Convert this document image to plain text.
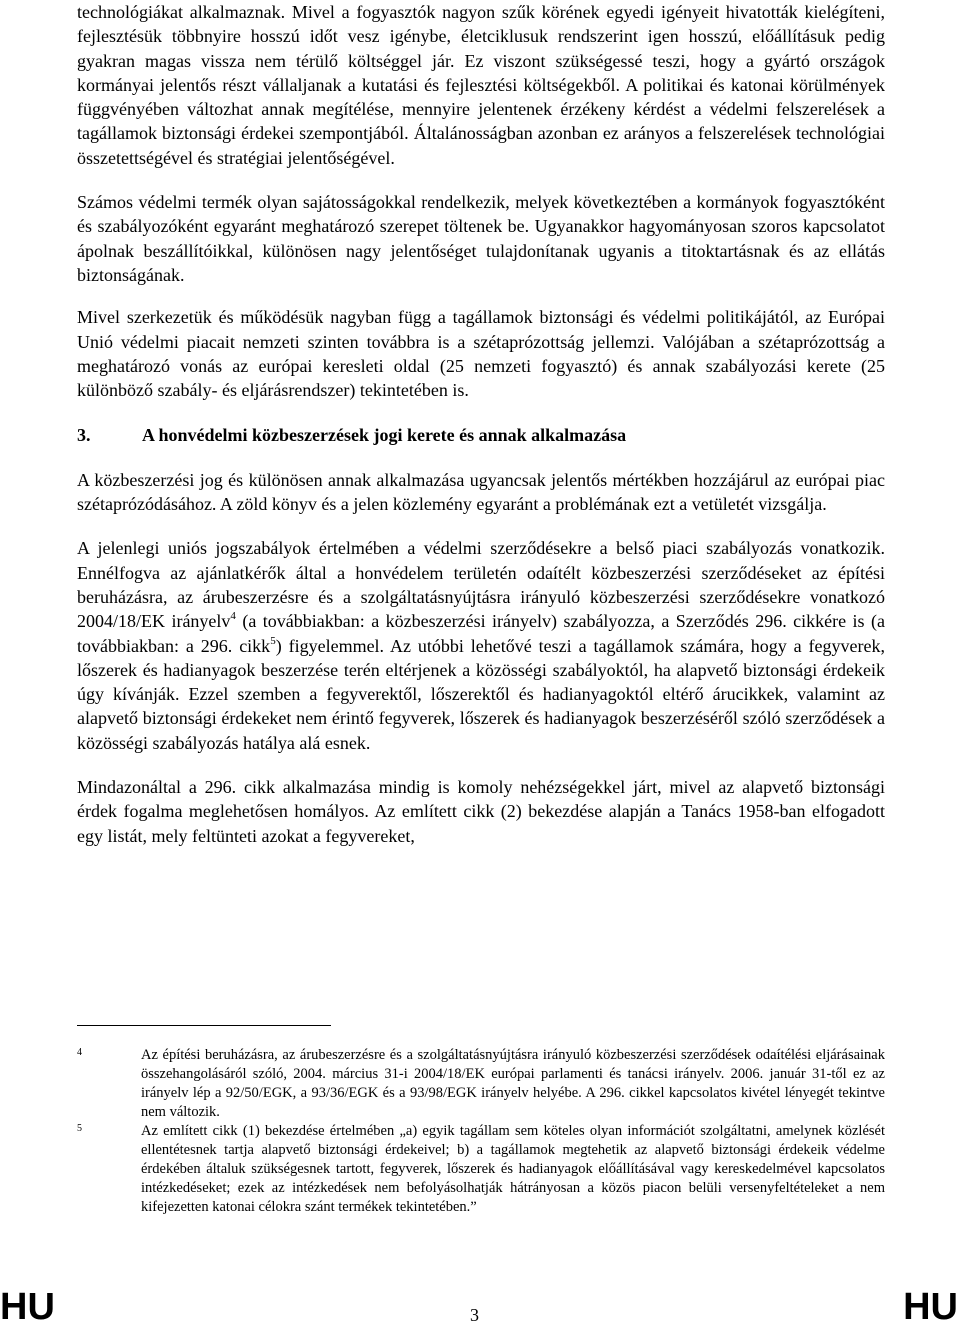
technológiákat alkalmaznak. Mivel a fogyasztók nagyon szűk körének egyedi igényeit hivatották kielégíteni, fejlesztésük többnyire hosszú időt vesz igénybe, életciklusuk rendszerint igen hosszú, előállításuk pedig gyakran magas vissza nem térülő költséggel jár. Ez viszont szükségessé teszi, hogy a gyártó országok kormányai jelentős részt vállaljanak a kutatási és fejlesztési költségekből. A politikai és katonai körülmények függvényében változhat annak megítélése, mennyire jelentenek érzékeny kérdést a védelmi felszerelések a tagállamok biztonsági érdekei szempontjából. Általánosságban azonban ez arányos a felszerelések technológiai összetettségével és stratégiai jelentőségével.

Számos védelmi termék olyan sajátosságokkal rendelkezik, melyek következtében a kormányok fogyasztóként és szabályozóként egyaránt meghatározó szerepet töltenek be. Ugyanakkor hagyományosan szoros kapcsolatot ápolnak beszállítóikkal, különösen nagy jelentőséget tulajdonítanak ugyanis a titoktartásnak és az ellátás biztonságának.

Mivel szerkezetük és működésük nagyban függ a tagállamok biztonsági és védelmi politikájától, az Európai Unió védelmi piacait nemzeti szinten továbbra is a szétaprózottság jellemzi. Valójában a szétaprózottság a meghatározó vonás az európai keresleti oldal (25 nemzeti fogyasztó) és annak szabályozási kerete (25 különböző szabály- és eljárásrendszer) tekintetében is.

3.	A honvédelmi közbeszerzések jogi kerete és annak alkalmazása

A közbeszerzési jog és különösen annak alkalmazása ugyancsak jelentős mértékben hozzájárul az európai piac szétaprózódásához. A zöld könyv és a jelen közlemény egyaránt a problémának ezt a vetületét vizsgálja.

A jelenlegi uniós jogszabályok értelmében a védelmi szerződésekre a belső piaci szabályozás vonatkozik. Ennélfogva az ajánlatkérők által a honvédelem területén odaítélt közbeszerzési szerződéseket az építési beruházásra, az árubeszerzésre és a szolgáltatásnyújtásra irányuló közbeszerzési szerződésekre vonatkozó 2004/18/EK irányelv$^4$ (a továbbiakban: a közbeszerzési irányelv) szabályozza, a Szerződés 296. cikkére is (a továbbiakban: a 296. cikk$^5$) figyelemmel. Az utóbbi lehetővé teszi a tagállamok számára, hogy a fegyverek, lőszerek és hadianyagok beszerzése terén eltérjenek a közösségi szabályoktól, ha alapvető biztonsági érdekeik úgy kívánják. Ezzel szemben a fegyverektől, lőszerektől és hadianyagoktól eltérő árucikkek, valamint az alapvető biztonsági érdekeket nem érintő fegyverek, lőszerek és hadianyagok beszerzéséről szóló szerződések a közösségi szabályozás hatálya alá esnek.

Mindazonáltal a 296. cikk alkalmazása mindig is komoly nehézségekkel járt, mivel az alapvető biztonsági érdek fogalma meglehetősen homályos. Az említett cikk (2) bekezdése alapján a Tanács 1958-ban elfogadott egy listát, mely feltünteti azokat a fegyvereket,

4	Az építési beruházásra, az árubeszerzésre és a szolgáltatásnyújtásra irányuló közbeszerzési szerződések odaítélési eljárásainak összehangolásáról szóló, 2004. március 31-i 2004/18/EK európai parlamenti és tanácsi irányelv. 2006. január 31-től ez az irányelv lép a 92/50/EGK, a 93/36/EGK és a 93/98/EGK irányelv helyébe. A 296. cikkel kapcsolatos kivétel lényegét tekintve nem változik.
5	Az említett cikk (1) bekezdése értelmében „a) egyik tagállam sem köteles olyan információt szolgáltatni, amelynek közlését ellentétesnek tartja alapvető biztonsági érdekeivel; b) a tagállamok megtehetik az alapvető biztonsági érdekeik védelme érdekében általuk szükségesnek tartott, fegyverek, lőszerek és hadianyagok előállításával vagy kereskedelmével kapcsolatos intézkedéseket; ezek az intézkedések nem befolyásolhatják hátrányosan a közös piacon belüli versenyfeltételeket a nem kifejezetten katonai célokra szánt termékek tekintetében.”
HU	3	HU
